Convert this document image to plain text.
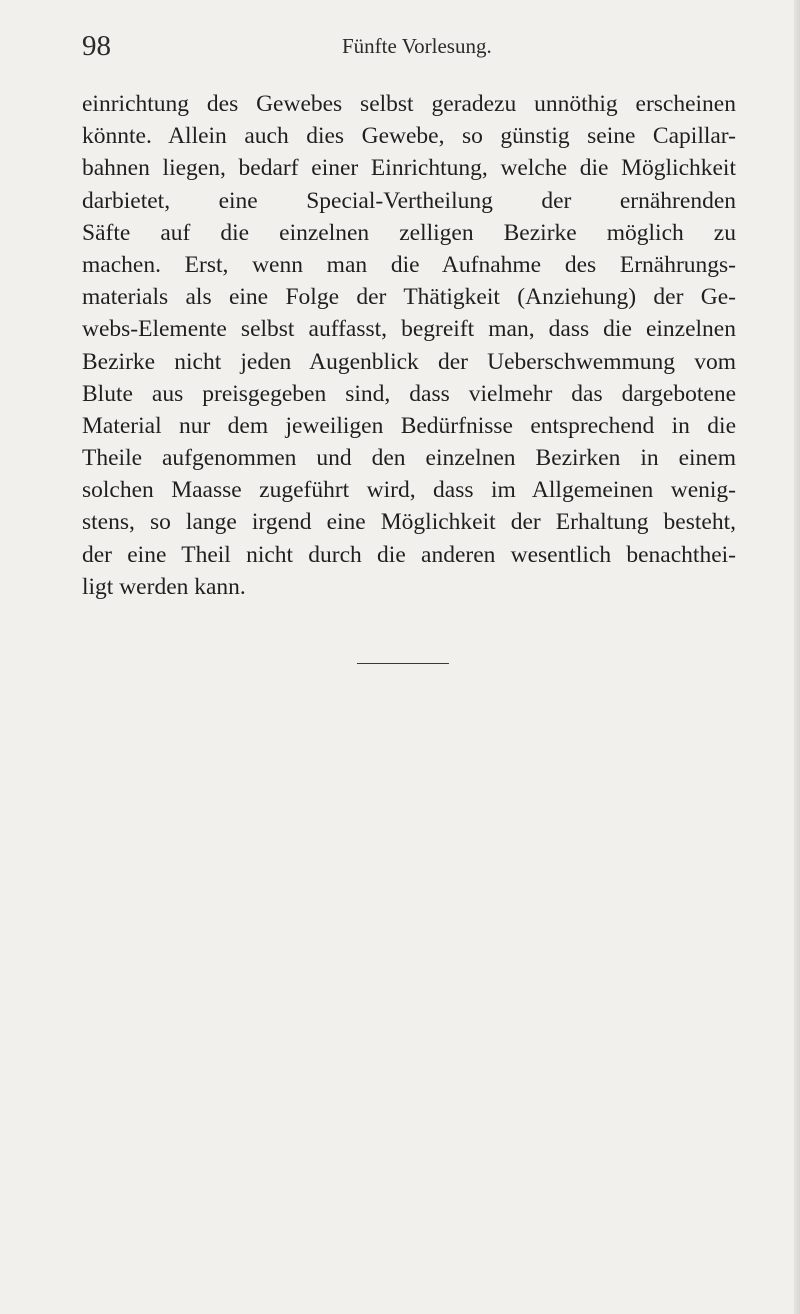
98	Fünfte Vorlesung.
einrichtung des Gewebes selbst geradezu unnöthig erscheinen
könnte. Allein auch dies Gewebe, so günstig seine Capillar-
bahnen liegen, bedarf einer Einrichtung, welche die Möglichkeit
darbietet, eine Special-Vertheilung der ernährenden
Säfte auf die einzelnen zelligen Bezirke möglich zu
machen. Erst, wenn man die Aufnahme des Ernährungs-
materials als eine Folge der Thätigkeit (Anziehung) der Ge-
webs-Elemente selbst auffasst, begreift man, dass die einzelnen
Bezirke nicht jeden Augenblick der Ueberschwemmung vom
Blute aus preisgegeben sind, dass vielmehr das dargebotene
Material nur dem jeweiligen Bedürfnisse entsprechend in die
Theile aufgenommen und den einzelnen Bezirken in einem
solchen Maasse zugeführt wird, dass im Allgemeinen wenig-
stens, so lange irgend eine Möglichkeit der Erhaltung besteht,
der eine Theil nicht durch die anderen wesentlich benachthei-
ligt werden kann.
